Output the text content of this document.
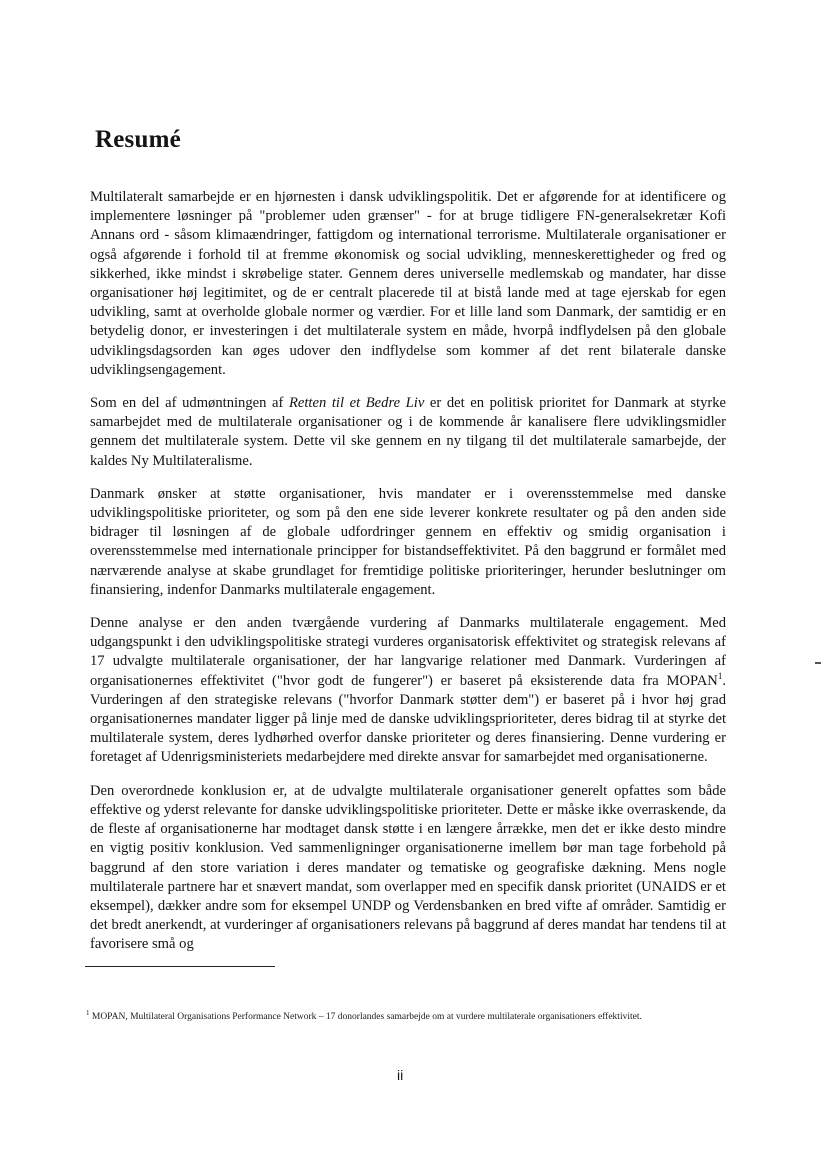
Resumé

Multilateralt samarbejde er en hjørnesten i dansk udviklingspolitik. Det er afgørende for at identificere og implementere løsninger på "problemer uden grænser" - for at bruge tidligere FN-generalsekretær Kofi Annans ord - såsom klimaændringer, fattigdom og international terrorisme. Multilaterale organisationer er også afgørende i forhold til at fremme økonomisk og social udvikling, menneskerettigheder og fred og sikkerhed, ikke mindst i skrøbelige stater. Gennem deres universelle medlemskab og mandater, har disse organisationer høj legitimitet, og de er centralt placerede til at bistå lande med at tage ejerskab for egen udvikling, samt at overholde globale normer og værdier. For et lille land som Danmark, der samtidig er en betydelig donor, er investeringen i det multilaterale system en måde, hvorpå indflydelsen på den globale udviklingsdagsorden kan øges udover den indflydelse som kommer af det rent bilaterale danske udviklingsengagement.

Som en del af udmøntningen af Retten til et Bedre Liv er det en politisk prioritet for Danmark at styrke samarbejdet med de multilaterale organisationer og i de kommende år kanalisere flere udviklingsmidler gennem det multilaterale system. Dette vil ske gennem en ny tilgang til det multilaterale samarbejde, der kaldes Ny Multilateralisme.

Danmark ønsker at støtte organisationer, hvis mandater er i overensstemmelse med danske udviklingspolitiske prioriteter, og som på den ene side leverer konkrete resultater og på den anden side bidrager til løsningen af de globale udfordringer gennem en effektiv og smidig organisation i overensstemmelse med internationale principper for bistandseffektivitet. På den baggrund er formålet med nærværende analyse at skabe grundlaget for fremtidige politiske prioriteringer, herunder beslutninger om finansiering, indenfor Danmarks multilaterale engagement.

Denne analyse er den anden tværgående vurdering af Danmarks multilaterale engagement. Med udgangspunkt i den udviklingspolitiske strategi vurderes organisatorisk effektivitet og strategisk relevans af 17 udvalgte multilaterale organisationer, der har langvarige relationer med Danmark. Vurderingen af organisationernes effektivitet ("hvor godt de fungerer") er baseret på eksisterende data fra MOPAN$^1$. Vurderingen af den strategiske relevans ("hvorfor Danmark støtter dem") er baseret på i hvor høj grad organisationernes mandater ligger på linje med de danske udviklingsprioriteter, deres bidrag til at styrke det multilaterale system, deres lydhørhed overfor danske prioriteter og deres finansiering. Denne vurdering er foretaget af Udenrigsministeriets medarbejdere med direkte ansvar for samarbejdet med organisationerne.

Den overordnede konklusion er, at de udvalgte multilaterale organisationer generelt opfattes som både effektive og yderst relevante for danske udviklingspolitiske prioriteter. Dette er måske ikke overraskende, da de fleste af organisationerne har modtaget dansk støtte i en længere årrække, men det er ikke desto mindre en vigtig positiv konklusion. Ved sammenligninger organisationerne imellem bør man tage forbehold på baggrund af den store variation i deres mandater og tematiske og geografiske dækning. Mens nogle multilaterale partnere har et snævert mandat, som overlapper med en specifik dansk prioritet (UNAIDS er et eksempel), dækker andre som for eksempel UNDP og Verdensbanken en bred vifte af områder. Samtidig er det bredt anerkendt, at vurderinger af organisationers relevans på baggrund af deres mandat har tendens til at favorisere små og

$^1$ MOPAN, Multilateral Organisations Performance Network – 17 donorlandes samarbejde om at vurdere multilaterale organisationers effektivitet.
ii
